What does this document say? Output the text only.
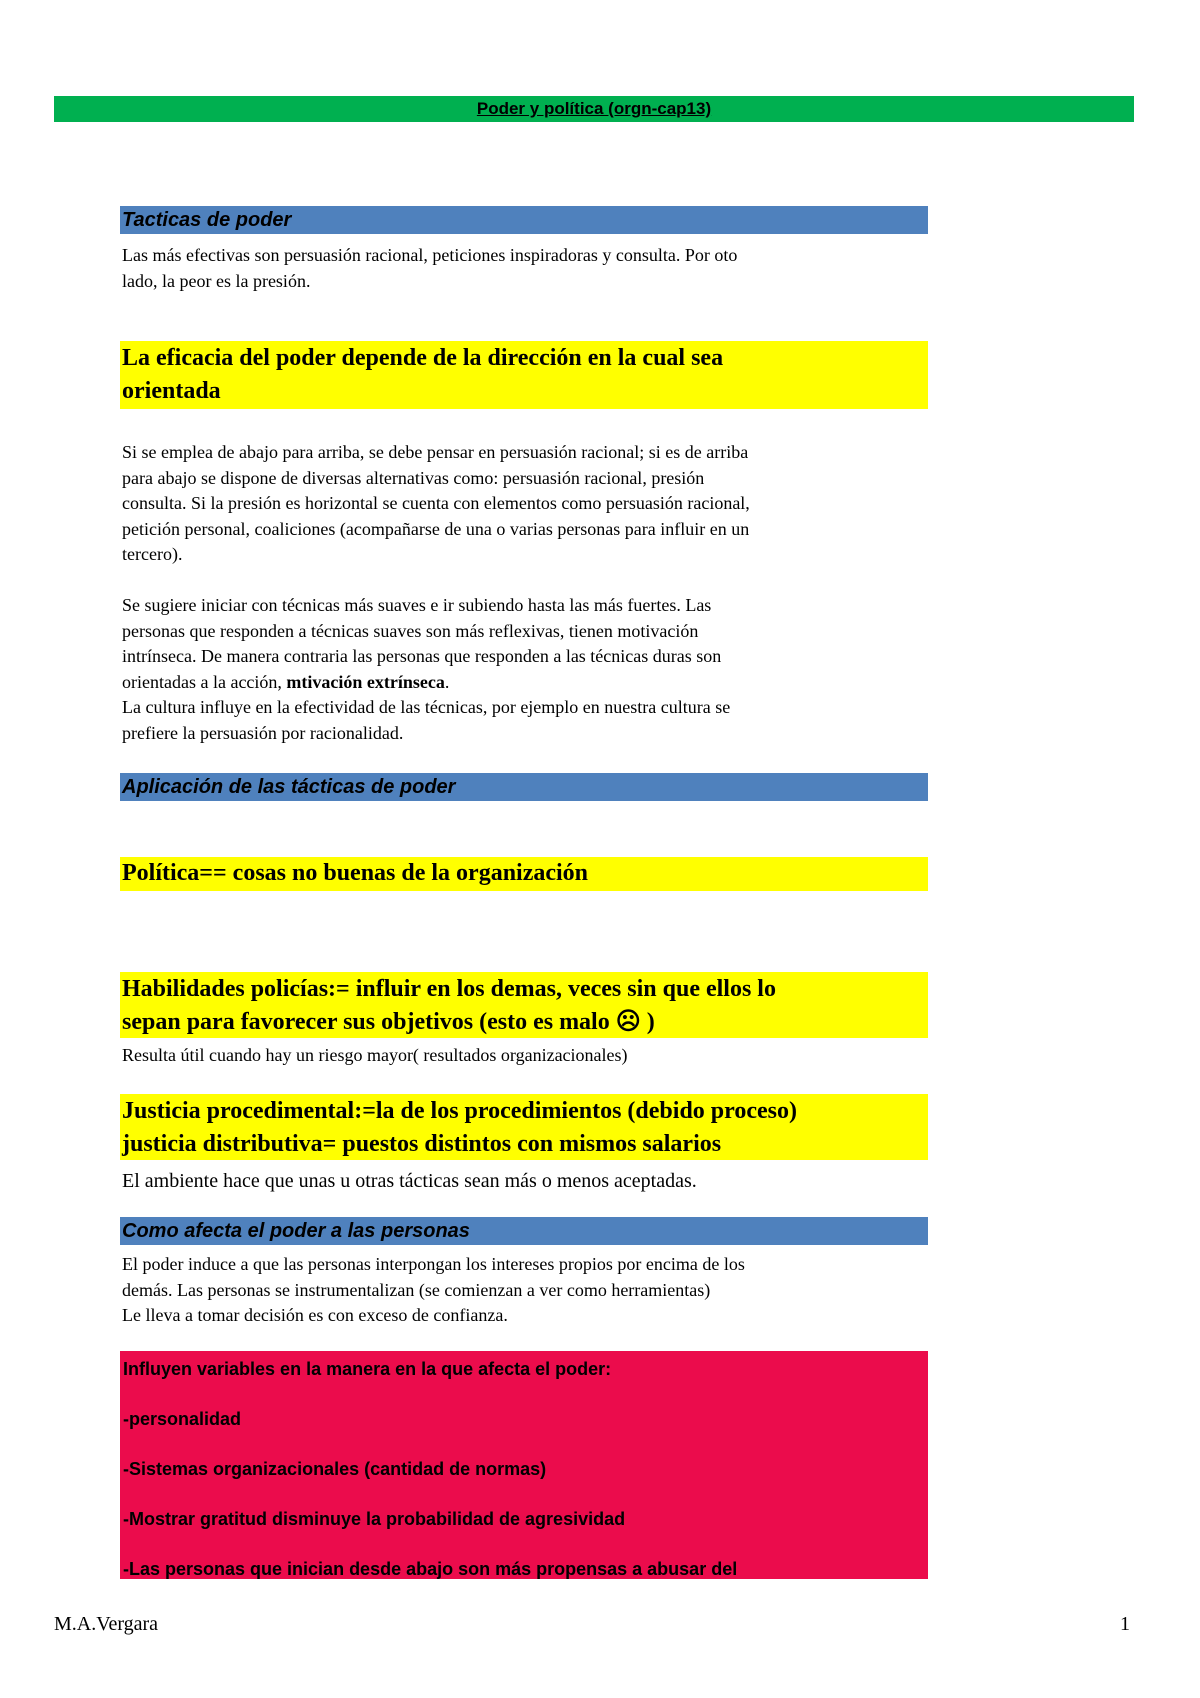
Poder y política (orgn-cap13)
Tacticas de poder
Las más efectivas son persuasión racional, peticiones inspiradoras y consulta. Por oto
lado, la peor es la presión.
La eficacia del poder depende de la dirección en la cual sea
orientada
Si se emplea de abajo para arriba, se debe pensar en persuasión racional; si es de arriba
para abajo se dispone de diversas alternativas como: persuasión racional, presión
consulta. Si la presión es horizontal se cuenta con elementos como persuasión racional,
petición personal, coaliciones (acompañarse de una o varias personas para influir en un
tercero).
Se sugiere iniciar con técnicas más suaves e ir subiendo hasta las más fuertes. Las
personas que responden a técnicas suaves son más reflexivas, tienen motivación
intrínseca. De manera contraria las personas que responden a las técnicas duras son
orientadas a la acción, mtivación extrínseca.
La cultura influye en la efectividad de las técnicas, por ejemplo en nuestra cultura se
prefiere la persuasión por racionalidad.
Aplicación de las tácticas de poder
Política== cosas no buenas de la organización
Habilidades policías:= influir en los demas, veces sin que ellos lo
sepan para favorecer sus objetivos (esto es malo ☹ )
Resulta útil cuando hay un riesgo mayor( resultados organizacionales)
Justicia procedimental:=la de los procedimientos (debido proceso)
justicia distributiva= puestos distintos con mismos salarios
El ambiente hace que unas u otras tácticas sean más o menos aceptadas.
Como afecta el poder a las personas
El poder induce a que las personas interpongan los intereses propios por encima de los
demás. Las personas se instrumentalizan (se comienzan a ver como herramientas)
Le lleva a tomar decisión es con exceso de confianza.
Influyen variables en la manera en la que afecta el poder:
-personalidad
-Sistemas organizacionales (cantidad de normas)
-Mostrar gratitud disminuye la probabilidad de agresividad
-Las personas que inician desde abajo son más propensas a abusar del
M.A.Vergara	1
